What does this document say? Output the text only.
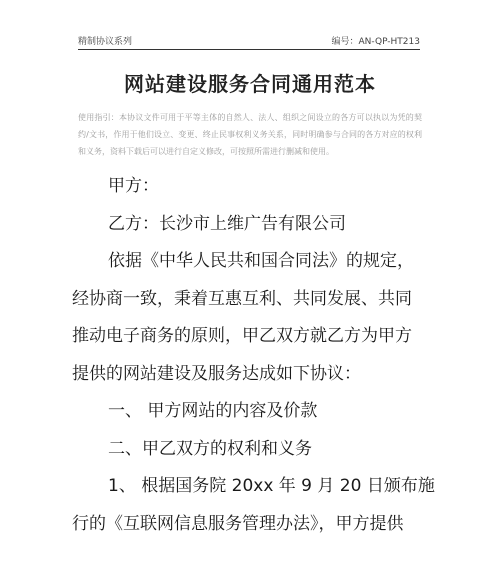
精制协议系列	编号：AN-QP-HT213
网站建设服务合同通用范本
使用指引：本协议文件可用于平等主体的自然人、法人、组织之间设立的各方可以执以为凭的契约/文书，作用于他们设立、变更、终止民事权利义务关系，同时明确参与合同的各方对应的权利和义务，资料下载后可以进行自定义修改，可按照所需进行删减和使用。

甲方：

乙方：长沙市上维广告有限公司

依据《中华人民共和国合同法》的规定，

经协商一致，秉着互惠互利、共同发展、共同

推动电子商务的原则，甲乙双方就乙方为甲方

提供的网站建设及服务达成如下协议：

一、 甲方网站的内容及价款

二、甲乙双方的权利和义务

1、 根据国务院 20xx 年 9 月 20 日颁布施

行的《互联网信息服务管理办法》，甲方提供
